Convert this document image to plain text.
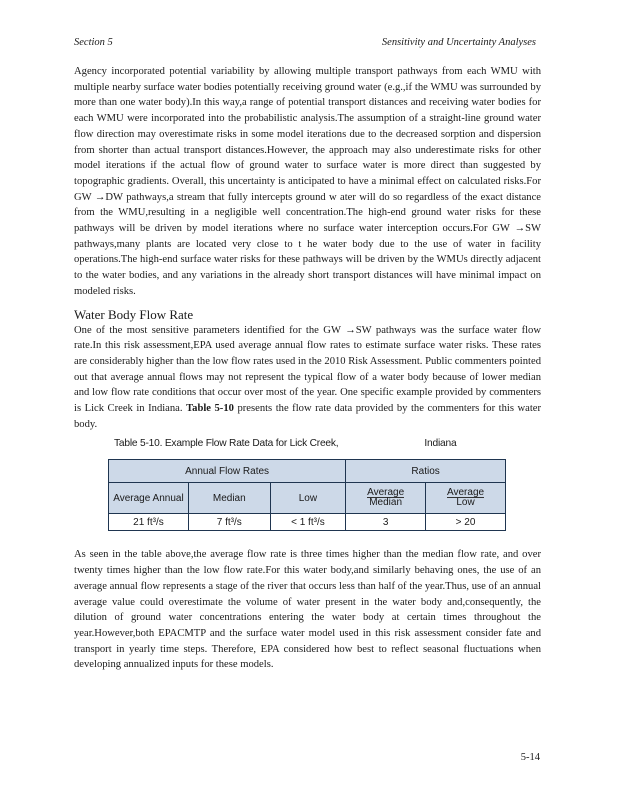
Section 5	Sensitivity and Uncertainty Analyses

Agency incorporated potential variability by allowing multiple transport pathways from each WMU with multiple nearby surface water bodies potentially receiving ground water (e.g.,if the WMU was surrounded by more than one water body).In this way,a range of potential transport distances and receiving water bodies for each WMU were incorporated into the probabilistic analysis.The assumption of a straight-line ground water flow direction may overestimate risks in some model iterations due to the decreased sorption and dispersion from shorter than actual transport distances.However, the approach may also underestimate risks for other model iterations if the actual flow of ground water to surface water is more direct than suggested by topographic gradients. Overall, this uncertainty is anticipated to have a minimal effect on calculated risks.For GW →DW pathways,a stream that fully intercepts ground w ater will do so regardless of the exact distance from the WMU,resulting in a negligible well concentration.The high-end ground water risks for these pathways will be driven by model iterations where no surface water interception occurs.For GW →SW pathways,many plants are located very close to t he water body due to the use of water in facility operations.The high-end surface water risks for these pathways will be driven by the WMUs directly adjacent to the water bodies, and any variations in the already short transport distances will have minimal impact on modeled risks.

Water Body Flow Rate

One of the most sensitive parameters identified for the GW →SW pathways was the surface water flow rate.In this risk assessment,EPA used average annual flow rates to estimate surface water risks. These rates are considerably higher than the low flow rates used in the 2010 Risk Assessment. Public commenters pointed out that average annual flows may not represent the typical flow of a water body because of lower median and low flow rate conditions that occur over most of the year. One specific example provided by commenters is Lick Creek in Indiana. Table 5-10 presents the flow rate data provided by the commenters for this water body.

Table 5-10. Example Flow Rate Data for Lick Creek,	Indiana
Annual Flow Rates			Ratios	
Average Annual	Median	Low	$\frac{\text{Average}}{\text{Median}}$	$\frac{\text{Average}}{\text{Low}}$

21 ft³/s	7 ft³/s	< 1 ft³/s	3	> 20

As seen in the table above,the average flow rate is three times higher than the median flow rate, and over twenty times higher than the low flow rate.For this water body,and similarly behaving ones, the use of an average annual flow represents a stage of the river that occurs less than half of the year.Thus, use of an annual average value could overestimate the volume of water present in the water body and,consequently, the dilution of ground water concentrations entering the water body at certain times throughout the year.However,both EPACMTP and the surface water model used in this risk assessment consider fate and transport in yearly time steps. Therefore, EPA considered how best to reflect seasonal fluctuations when developing annualized inputs for these models.

5-14
